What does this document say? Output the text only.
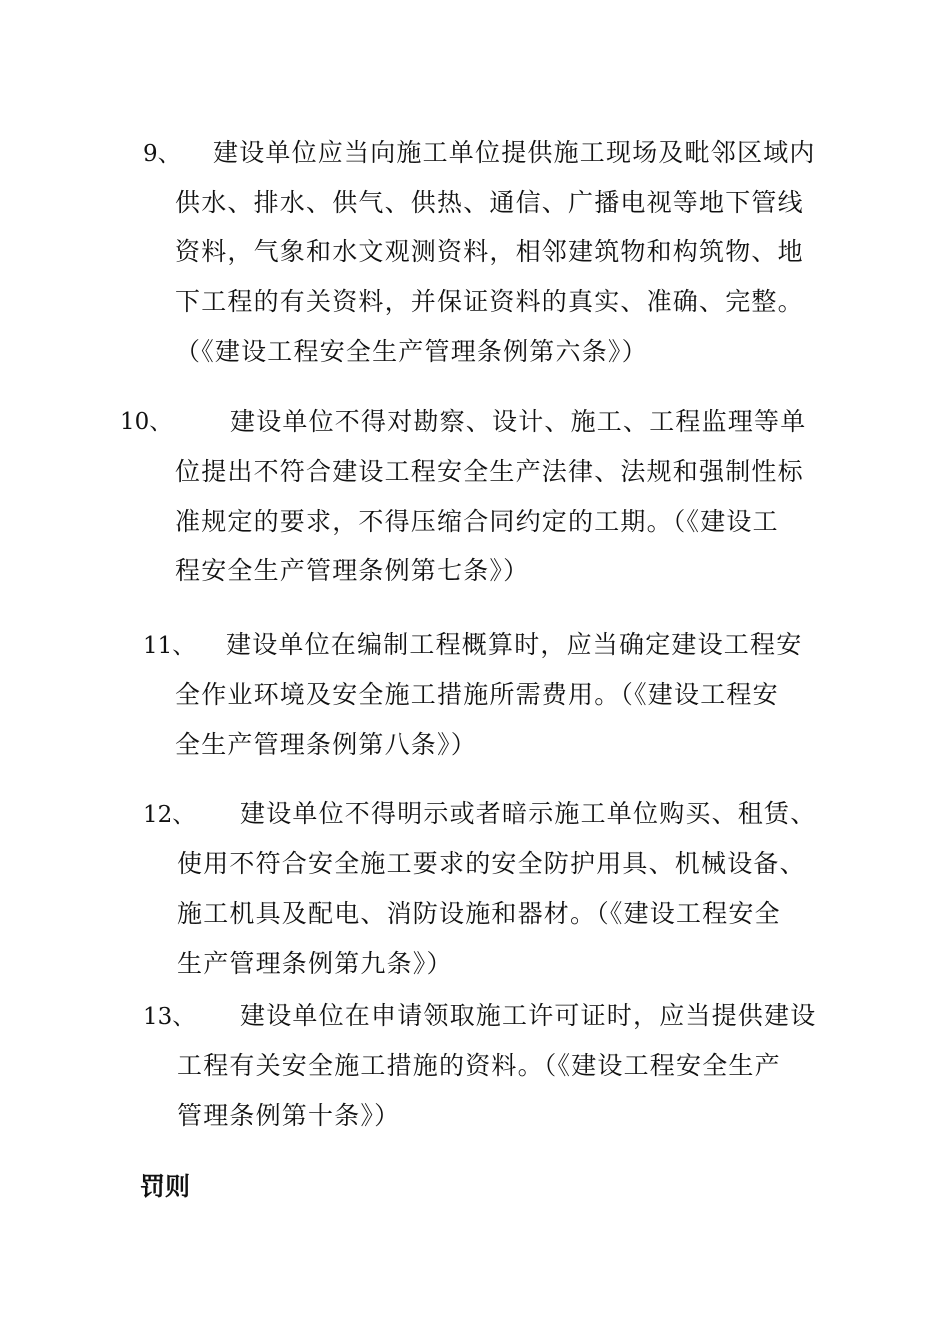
9、 建设单位应当向施工单位提供施工现场及毗邻区域内
供水、排水、供气、供热、通信、广播电视等地下管线
资料，气象和水文观测资料，相邻建筑物和构筑物、地
下工程的有关资料，并保证资料的真实、准确、完整。
（《建设工程安全生产管理条例第六条》）
10、 建设单位不得对勘察、设计、施工、工程监理等单
位提出不符合建设工程安全生产法律、法规和强制性标
准规定的要求，不得压缩合同约定的工期。（《建设工
程安全生产管理条例第七条》）
11、 建设单位在编制工程概算时，应当确定建设工程安
全作业环境及安全施工措施所需费用。（《建设工程安
全生产管理条例第八条》）
12、 建设单位不得明示或者暗示施工单位购买、租赁、
使用不符合安全施工要求的安全防护用具、机械设备、
施工机具及配电、消防设施和器材。（《建设工程安全
生产管理条例第九条》）
13、 建设单位在申请领取施工许可证时，应当提供建设
工程有关安全施工措施的资料。（《建设工程安全生产
管理条例第十条》）
罚则
